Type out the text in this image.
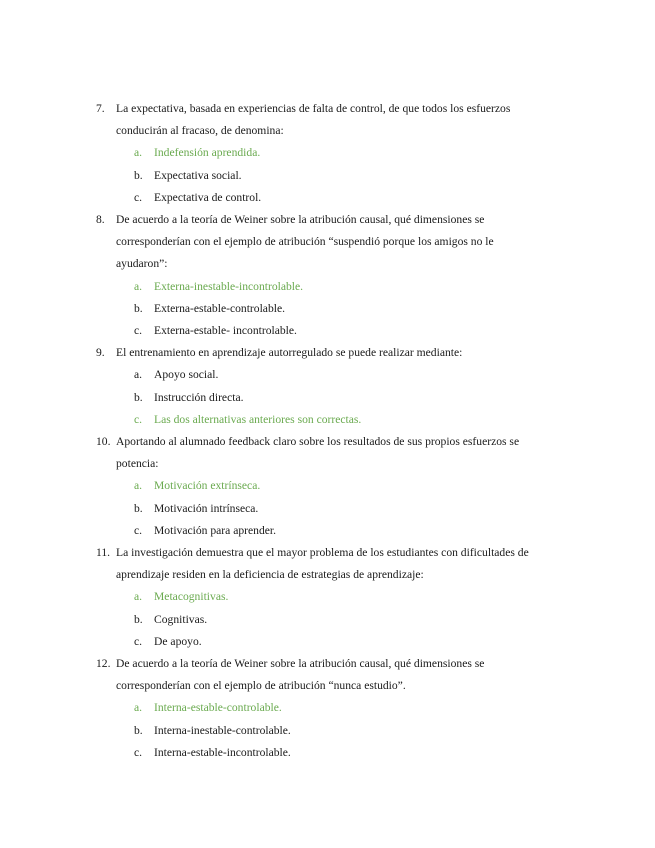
7. La expectativa, basada en experiencias de falta de control, de que todos los esfuerzos
conducirán al fracaso, de denomina:
a.	Indefensión aprendida.
b. Expectativa social.
c.	Expectativa de control.
8. De acuerdo a la teoría de Weiner sobre la atribución causal, qué dimensiones se
corresponderían con el ejemplo de atribución “suspendió porque los amigos no le
ayudaron”:
a.	Externa-inestable-incontrolable.
b. Externa-estable-controlable.
c.	Externa-estable- incontrolable.
9. El entrenamiento en aprendizaje autorregulado se puede realizar mediante:
a.	Apoyo social.
b. Instrucción directa.
c.	Las dos alternativas anteriores son correctas.
10. Aportando al alumnado feedback claro sobre los resultados de sus propios esfuerzos se
potencia:
a.	Motivación extrínseca.
b. Motivación intrínseca.
c.	Motivación para aprender.
11. La investigación demuestra que el mayor problema de los estudiantes con dificultades de
aprendizaje residen en la deficiencia de estrategias de aprendizaje:
a.	Metacognitivas.
b. Cognitivas.
c.	De apoyo.
12. De acuerdo a la teoría de Weiner sobre la atribución causal, qué dimensiones se
corresponderían con el ejemplo de atribución “nunca estudio”.
a.	Interna-estable-controlable.
b. Interna-inestable-controlable.
c.	Interna-estable-incontrolable.
